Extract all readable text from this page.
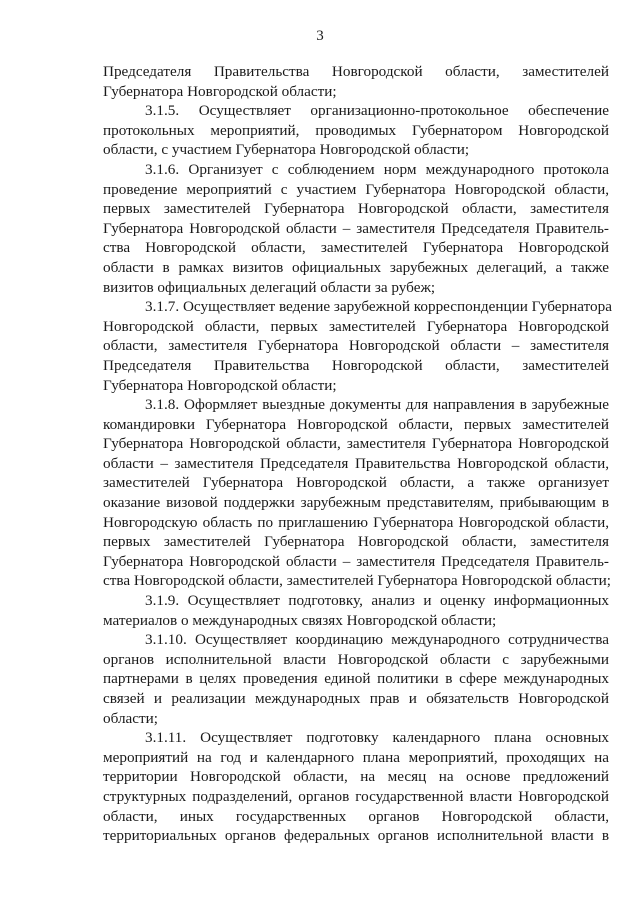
3
Председателя Правительства Новгородской области, заместителей
Губернатора Новгородской области;
3.1.5. Осуществляет организационно-протокольное обеспечение
протокольных мероприятий, проводимых Губернатором Новгородской
области, с участием Губернатора Новгородской области;
3.1.6. Организует с соблюдением норм международного протокола
проведение мероприятий с участием Губернатора Новгородской области,
первых заместителей Губернатора Новгородской области, заместителя
Губернатора Новгородской области – заместителя Председателя Правитель-
ства Новгородской области, заместителей Губернатора Новгородской
области в рамках визитов официальных зарубежных делегаций, а также
визитов официальных делегаций области за рубеж;
3.1.7. Осуществляет ведение зарубежной корреспонденции Губернатора
Новгородской области, первых заместителей Губернатора Новгородской
области, заместителя Губернатора Новгородской области – заместителя
Председателя Правительства Новгородской области, заместителей
Губернатора Новгородской области;
3.1.8. Оформляет выездные документы для направления в зарубежные
командировки Губернатора Новгородской области, первых заместителей
Губернатора Новгородской области, заместителя Губернатора Новгородской
области – заместителя Председателя Правительства Новгородской области,
заместителей Губернатора Новгородской области, а также организует
оказание визовой поддержки зарубежным представителям, прибывающим в
Новгородскую область по приглашению Губернатора Новгородской области,
первых заместителей Губернатора Новгородской области, заместителя
Губернатора Новгородской области – заместителя Председателя Правитель-
ства Новгородской области, заместителей Губернатора Новгородской области;
3.1.9. Осуществляет подготовку, анализ и оценку информационных
материалов о международных связях Новгородской области;
3.1.10. Осуществляет координацию международного сотрудничества
органов исполнительной власти Новгородской области с зарубежными
партнерами в целях проведения единой политики в сфере международных
связей и реализации международных прав и обязательств Новгородской
области;
3.1.11. Осуществляет подготовку календарного плана основных
мероприятий на год и календарного плана мероприятий, проходящих на
территории Новгородской области, на месяц на основе предложений
структурных подразделений, органов государственной власти Новгородской
области, иных государственных органов Новгородской области,
территориальных органов федеральных органов исполнительной власти в
